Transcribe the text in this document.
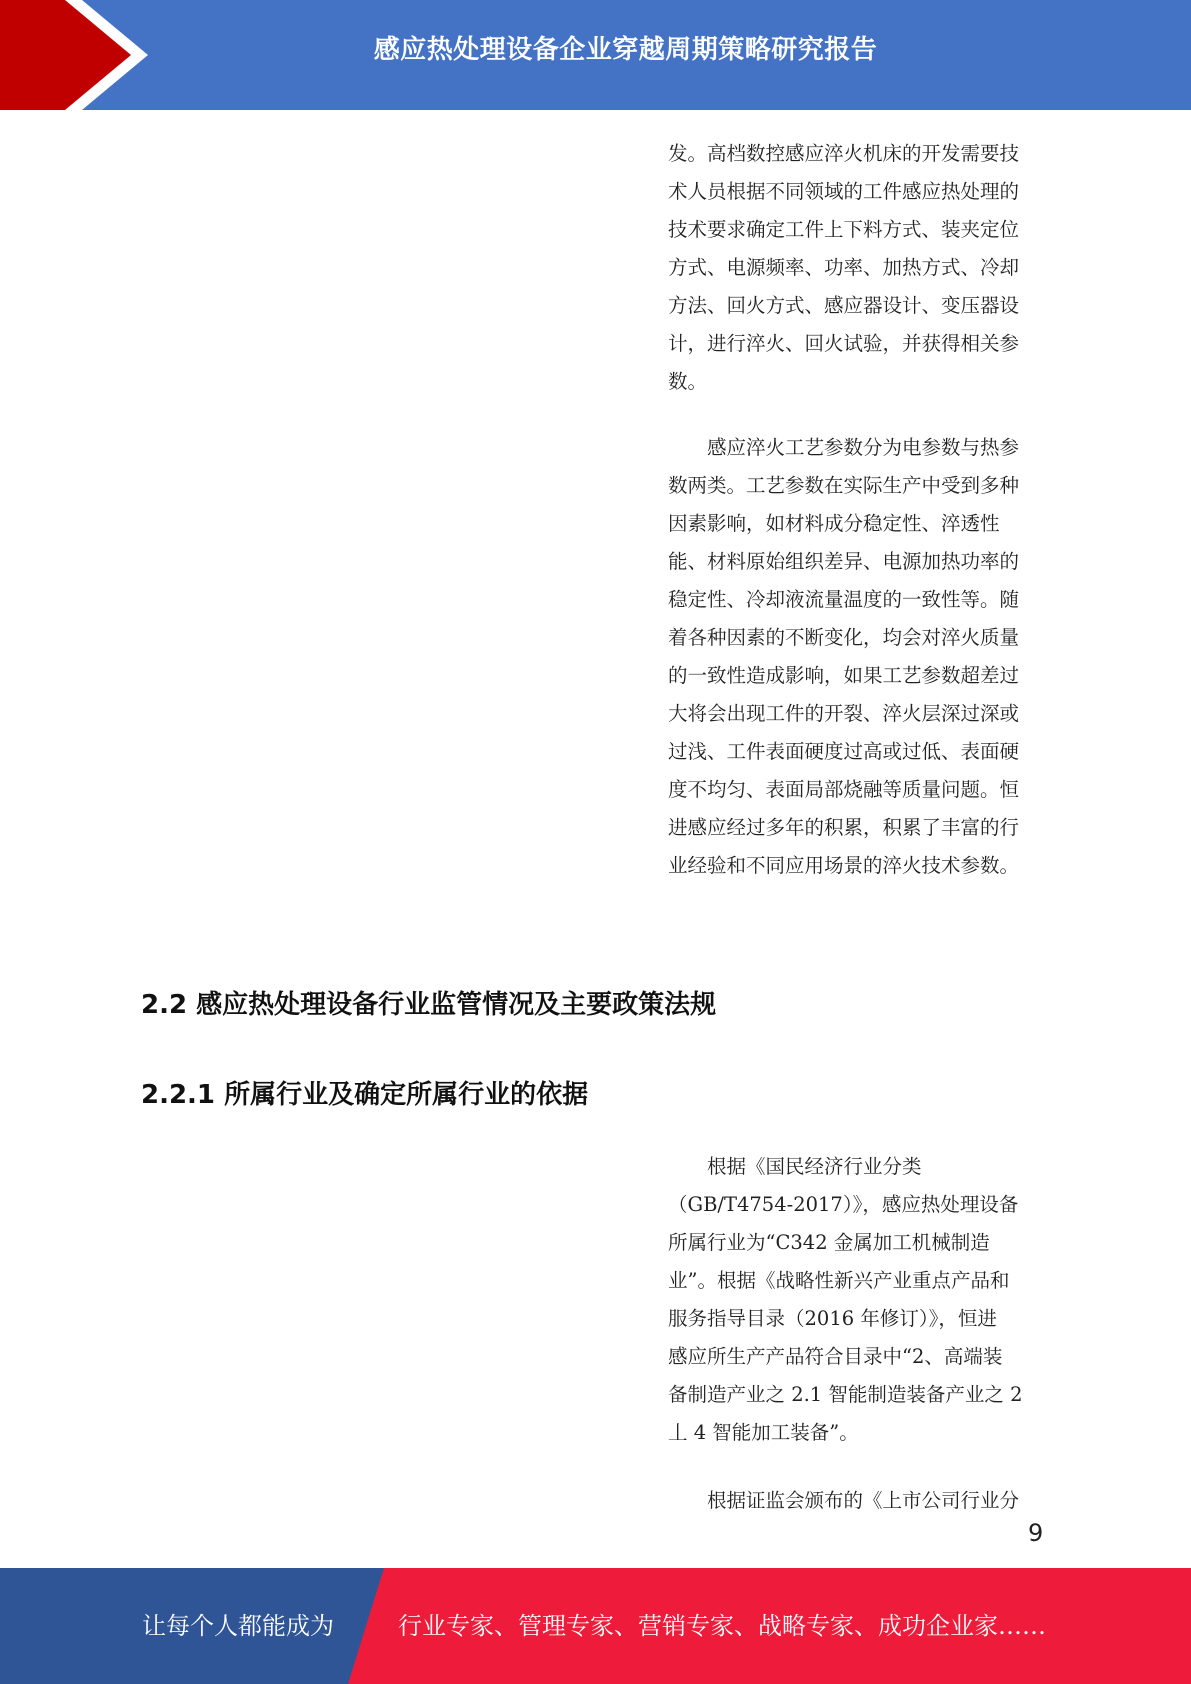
感应热处理设备企业穿越周期策略研究报告

发。高档数控感应淬火机床的开发需要技
术人员根据不同领域的工件感应热处理的
技术要求确定工件上下料方式、装夹定位
方式、电源频率、功率、加热方式、冷却
方法、回火方式、感应器设计、变压器设
计，进行淬火、回火试验，并获得相关参
数。

　　感应淬火工艺参数分为电参数与热参
数两类。工艺参数在实际生产中受到多种
因素影响，如材料成分稳定性、淬透性
能、材料原始组织差异、电源加热功率的
稳定性、冷却液流量温度的一致性等。随
着各种因素的不断变化，均会对淬火质量
的一致性造成影响，如果工艺参数超差过
大将会出现工件的开裂、淬火层深过深或
过浅、工件表面硬度过高或过低、表面硬
度不均匀、表面局部烧融等质量问题。恒
进感应经过多年的积累，积累了丰富的行
业经验和不同应用场景的淬火技术参数。

2.2 感应热处理设备行业监管情况及主要政策法规
2.2.1 所属行业及确定所属行业的依据

　　根据《国民经济行业分类
（GB/T4754-2017）》，感应热处理设备
所属行业为“C342 金属加工机械制造
业”。根据《战略性新兴产业重点产品和
服务指导目录（2016 年修订）》，恒进
感应所生产产品符合目录中“2、高端装
备制造产业之 2.1 智能制造装备产业之 2
丄 4 智能加工装备”。

　　根据证监会颁布的《上市公司行业分

9
让每个人都能成为	行业专家、管理专家、营销专家、战略专家、成功企业家……
